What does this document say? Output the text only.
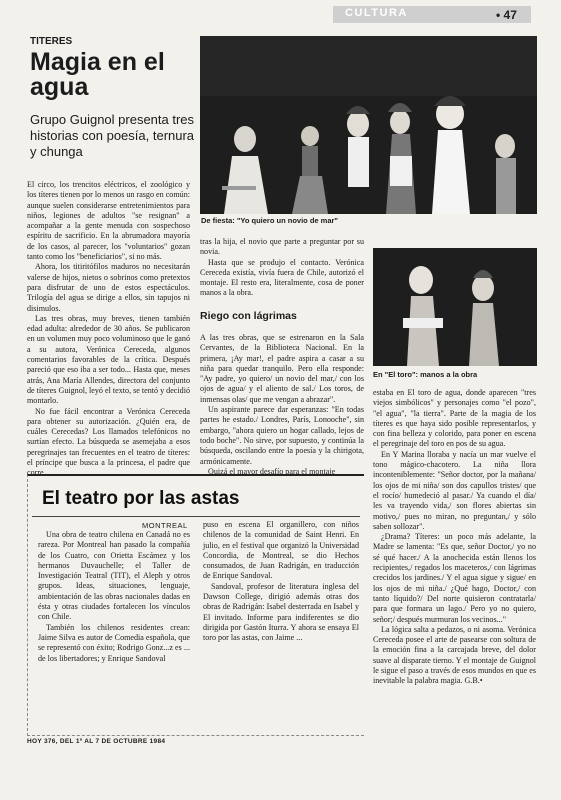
CULTURA	• 47
TITERES
Magia en el agua
Grupo Guignol presenta tres historias con poesía, ternura y chunga
De fiesta: "Yo quiero un novio de mar"
En "El toro": manos a la obra

El circo, los trencitos eléctricos, el zoológico y los títeres tienen por lo menos un rasgo en común: aunque suelen considerarse entretenimientos para niños, legiones de adultos "se resignan" a acompañar a la gente menuda con sospechoso espíritu de sacrificio. En la abrumadora mayoría de los casos, al parecer, los "voluntarios" gozan tanto como los "beneficiarios", si no más.

Ahora, los titiritófilos maduros no necesitarán valerse de hijos, nietos o sobrinos como pretextos para disfrutar de uno de estos espectáculos. Trilogía del agua se dirige a ellos, sin tapujos ni disimulos.

Las tres obras, muy breves, tienen también edad adulta: alrededor de 30 años. Se publicaron en un volumen muy poco voluminoso que le ganó a su autora, Verónica Cereceda, algunos comentarios favorables de la crítica. Después pareció que eso iba a ser todo... Hasta que, meses atrás, Ana María Allendes, directora del conjunto de títeres Guignol, leyó el texto, se tentó y decidió montarlo.

No fue fácil encontrar a Verónica Cereceda para obtener su autorización. ¿Quién era, de cuáles Cerecedas? Los llamados telefónicos no surtían efecto. La búsqueda se asemejaba a esos peregrinajes tan frecuentes en el teatro de títeres: el príncipe que busca a la princesa, el padre que corre

tras la hija, el novio que parte a preguntar por su novia.

Hasta que se produjo el contacto. Verónica Cereceda existía, vivía fuera de Chile, autorizó el montaje. El resto era, literalmente, cosa de poner manos a la obra.

Riego con lágrimas

A las tres obras, que se estrenaron en la Sala Cervantes, de la Biblioteca Nacional. En la primera, ¡Ay mar!, el padre aspira a casar a su niña para quedar tranquilo. Pero ella responde: "Ay padre, yo quiero/ un novio del mar,/ con los ojos de agua/ y el aliento de sal./ Los toros, de inmensas olas/ que me vengan a abrazar".

Un aspirante parece dar esperanzas: "En todas partes he estado./ Londres, París, Lonooche", sin embargo, "ahora quiero un hogar callado, lejos de todo boche". No sirve, por supuesto, y continúa la búsqueda, oscilando entre la poesía y la chirigota, armónicamente.

Quizá el mayor desafío para el montaje

estaba en El toro de agua, donde aparecen "tres viejos simbólicos" y personajes como "el pozo", "el agua", "la tierra". Parte de la magia de los títeres es que haya sido posible representarlos, y con fina belleza y colorido, para poner en escena el peregrinaje del toro en pos de su agua.

En Y Marina lloraba y nacía un mar vuelve el tono mágico-chacotero. La niña llora inconteniblemente: "Señor doctor, por la mañana/ los ojos de mi niña/ son dos capullos tristes/ que el rocío/ humedeció al pasar./ Ya cuando el día/ les va trayendo vida,/ son flores abiertas sin motivo,/ pues no miran, no preguntan,/ y sólo saben sollozar".

¿Drama? Títeres: un poco más adelante, la Madre se lamenta: "Es que, señor Doctor,/ yo no sé qué hacer./ A la anochecida están llenos los recipientes,/ regados los maceteros,/ con lágrimas crecidos los jardines./ Y el agua sigue y sigue/ en los ojos de mi niña./ ¿Qué hago, Doctor,/ con tanto líquido?/ Del norte quisieron contratarla/ para que formara un lago./ Pero yo no quiero, señor;/ después murmuran los vecinos..."

La lógica salta a pedazos, o ni asoma. Verónica Cereceda posee el arte de pasearse con soltura de la emoción fina a la carcajada breve, del dolor suave al disparate tierno. Y el montaje de Guignol le sigue el paso a través de esos mundos en que es inevitable la palabra magia. G.B.•

El teatro por las astas
MONTREAL

Una obra de teatro chilena en Canadá no es rareza. Por Montreal han pasado la compañía de los Cuatro, con Orietta Escámez y los hermanos Duvauchelle; el Taller de Investigación Teatral (TIT), el Aleph y otros grupos. Ideas, situaciones, lenguaje, ambientación de las obras nacionales dadas en ésta y otras ciudades fortalecen los vínculos con Chile.

También los chilenos residentes crean: Jaime Silva es autor de Comedia española, que se representó con éxito; Rodrigo Gonz...z es ... de los libertadores; y Enrique Sandoval

puso en escena El organillero, con niños chilenos de la comunidad de Saint Henri. En julio, en el festival que organizó la Universidad Concordia, de Montreal, se dio Hechos consumados, de Juan Radrigán, en traducción de Enrique Sandoval.

Sandoval, profesor de literatura inglesa del Dawson College, dirigió además otras dos obras de Radrigán: Isabel desterrada en Isabel y El invitado. Informe para indiferentes se dio dirigida por Gastón Iturra. Y ahora se ensaya El toro por las astas, con Jaime ...

HOY 376, DEL 1º AL 7 DE OCTUBRE 1984
